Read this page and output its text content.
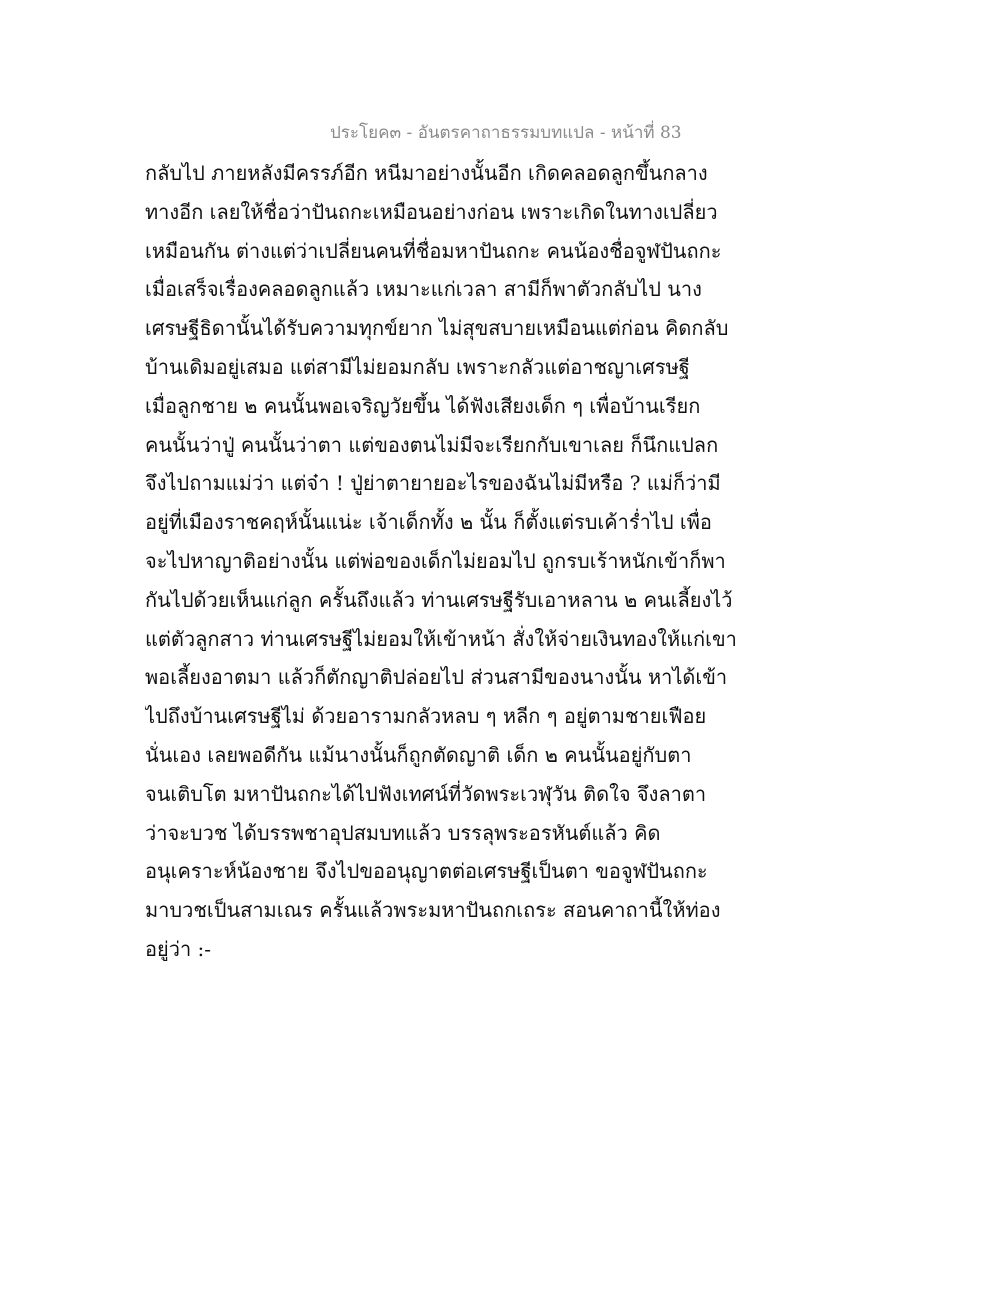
ประโยค๓ - อันตรคาถาธรรมบทแปล - หน้าที่ 83
กลับไป ภายหลังมีครรภ์อีก หนีมาอย่างนั้นอีก เกิดคลอดลูกขึ้นกลาง
ทางอีก เลยให้ชื่อว่าปันถกะเหมือนอย่างก่อน เพราะเกิดในทางเปลี่ยว
เหมือนกัน ต่างแต่ว่าเปลี่ยนคนที่ชื่อมหาปันถกะ คนน้องชื่อจูฬปันถกะ
เมื่อเสร็จเรื่องคลอดลูกแล้ว เหมาะแก่เวลา สามีก็พาตัวกลับไป นาง
เศรษฐีธิดานั้นได้รับความทุกข์ยาก ไม่สุขสบายเหมือนแต่ก่อน คิดกลับ
บ้านเดิมอยู่เสมอ แต่สามีไม่ยอมกลับ เพราะกลัวแต่อาชญาเศรษฐี
เมื่อลูกชาย ๒ คนนั้นพอเจริญวัยขึ้น ได้ฟังเสียงเด็ก ๆ เพื่อบ้านเรียก
คนนั้นว่าปู่ คนนั้นว่าตา แต่ของตนไม่มีจะเรียกกับเขาเลย ก็นึกแปลก
จึงไปถามแม่ว่า แต่จ๋า ! ปู่ย่าตายายอะไรของฉันไม่มีหรือ ? แม่ก็ว่ามี
อยู่ที่เมืองราชคฤห์นั้นแน่ะ เจ้าเด็กทั้ง ๒ นั้น ก็ตั้งแต่รบเค้าร่ำไป เพื่อ
จะไปหาญาติอย่างนั้น แต่พ่อของเด็กไม่ยอมไป ถูกรบเร้าหนักเข้าก็พา
กันไปด้วยเห็นแก่ลูก ครั้นถึงแล้ว ท่านเศรษฐีรับเอาหลาน ๒ คนเลี้ยงไว้
แต่ตัวลูกสาว ท่านเศรษฐีไม่ยอมให้เข้าหน้า สั่งให้จ่ายเงินทองให้แก่เขา
พอเลี้ยงอาตมา แล้วก็ตักญาติปล่อยไป ส่วนสามีของนางนั้น หาได้เข้า
ไปถึงบ้านเศรษฐีไม่ ด้วยอารามกลัวหลบ ๆ หลีก ๆ อยู่ตามชายเฟือย
นั่นเอง เลยพอดีกัน แม้นางนั้นก็ถูกตัดญาติ เด็ก ๒ คนนั้นอยู่กับตา
จนเติบโต มหาปันถกะได้ไปฟังเทศน์ที่วัดพระเวฬุวัน ติดใจ จึงลาตา
ว่าจะบวช ได้บรรพชาอุปสมบทแล้ว บรรลุพระอรหันต์แล้ว คิด
อนุเคราะห์น้องชาย จึงไปขออนุญาตต่อเศรษฐีเป็นตา ขอจูฬปันถกะ
มาบวชเป็นสามเณร ครั้นแล้วพระมหาปันถกเถระ สอนคาถานี้ให้ท่อง
อยู่ว่า :-
